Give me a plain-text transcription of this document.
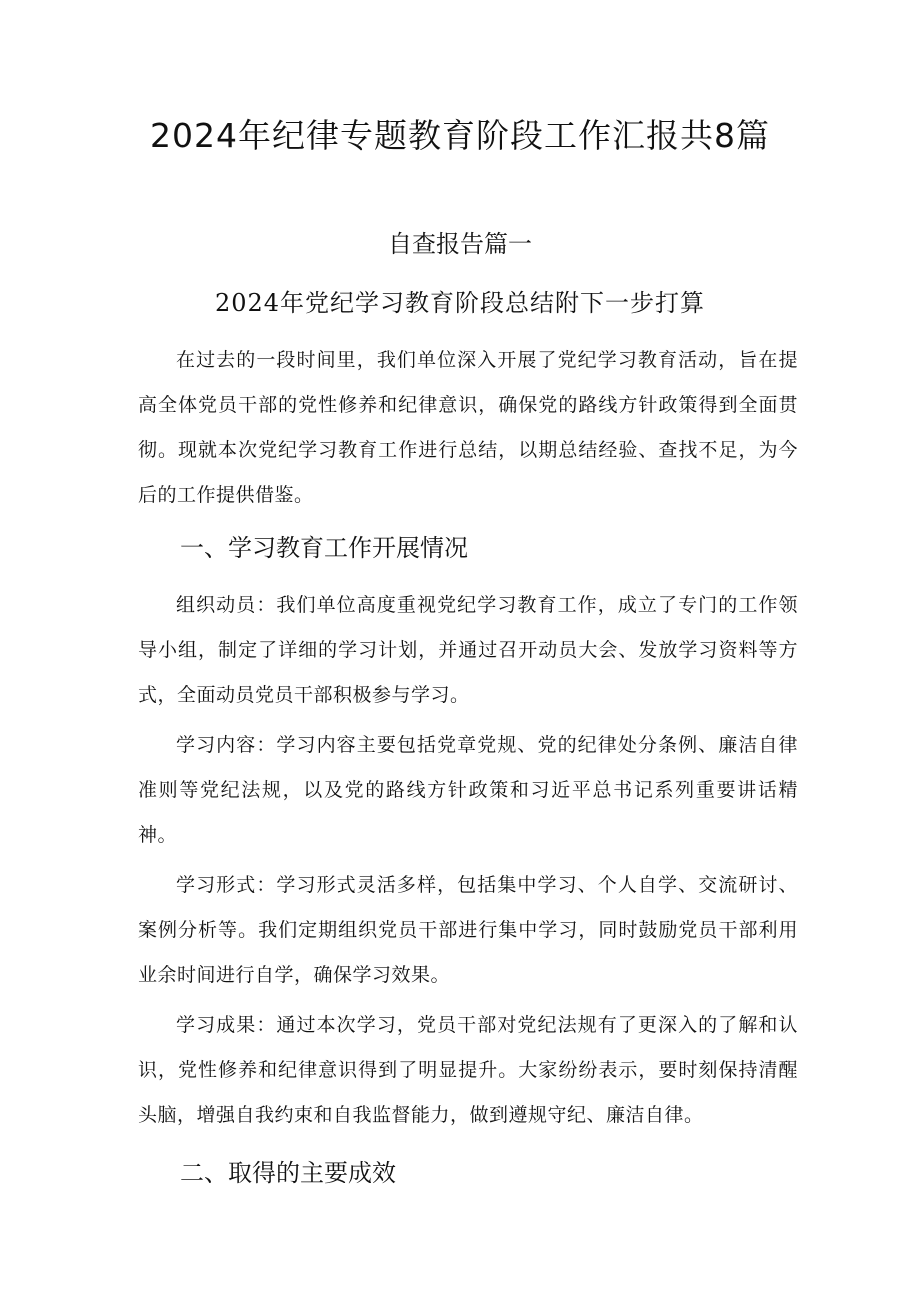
2024年纪律专题教育阶段工作汇报共8篇
自查报告篇一
2024年党纪学习教育阶段总结附下一步打算

在过去的一段时间里，我们单位深入开展了党纪学习教育活动，旨在提高全体党员干部的党性修养和纪律意识，确保党的路线方针政策得到全面贯彻。现就本次党纪学习教育工作进行总结，以期总结经验、查找不足，为今后的工作提供借鉴。

一、学习教育工作开展情况

组织动员：我们单位高度重视党纪学习教育工作，成立了专门的工作领导小组，制定了详细的学习计划，并通过召开动员大会、发放学习资料等方式，全面动员党员干部积极参与学习。

学习内容：学习内容主要包括党章党规、党的纪律处分条例、廉洁自律准则等党纪法规，以及党的路线方针政策和习近平总书记系列重要讲话精神。

学习形式：学习形式灵活多样，包括集中学习、个人自学、交流研讨、案例分析等。我们定期组织党员干部进行集中学习，同时鼓励党员干部利用业余时间进行自学，确保学习效果。

学习成果：通过本次学习，党员干部对党纪法规有了更深入的了解和认识，党性修养和纪律意识得到了明显提升。大家纷纷表示，要时刻保持清醒头脑，增强自我约束和自我监督能力，做到遵规守纪、廉洁自律。

二、取得的主要成效
